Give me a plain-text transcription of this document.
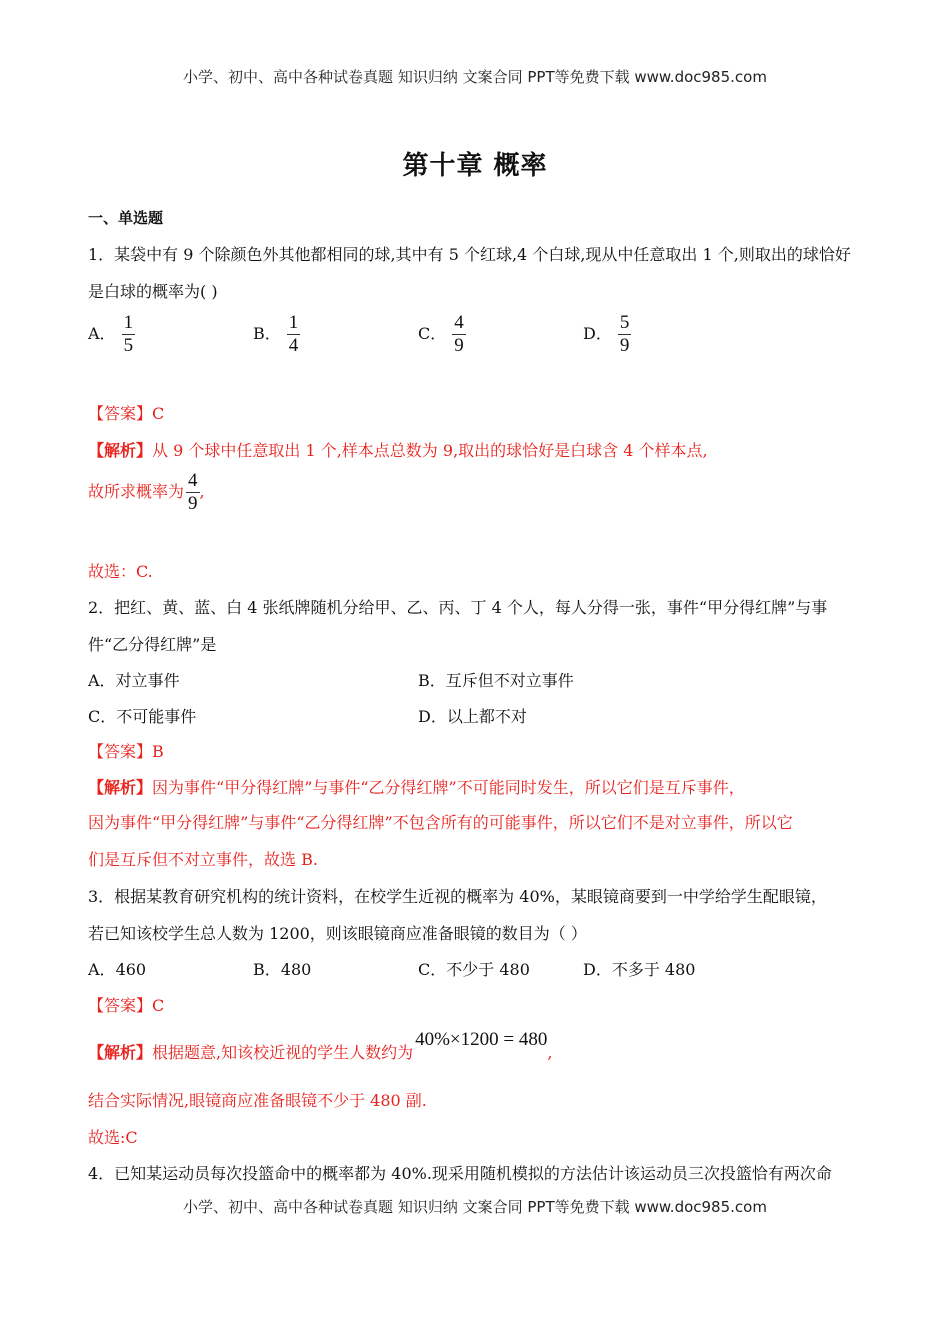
小学、初中、高中各种试卷真题 知识归纳 文案合同 PPT等免费下载 www.doc985.com
第十章 概率
一、单选题
1．某袋中有 9 个除颜色外其他都相同的球,其中有 5 个红球,4 个白球,现从中任意取出 1 个,则取出的球恰好
是白球的概率为( )
A． $\frac{1}{5}$	B． $\frac{1}{4}$	C． $\frac{4}{9}$	D． $\frac{5}{9}$
【答案】C
【解析】从 9 个球中任意取出 1 个,样本点总数为 9,取出的球恰好是白球含 4 个样本点,
故所求概率为 $\frac{4}{9}$ ,
故选：C.
2．把红、黄、蓝、白 4 张纸牌随机分给甲、乙、丙、丁 4 个人，每人分得一张，事件“甲分得红牌”与事
件“乙分得红牌”是
A．对立事件	B．互斥但不对立事件
C．不可能事件	D．以上都不对
【答案】B
【解析】因为事件“甲分得红牌”与事件“乙分得红牌”不可能同时发生，所以它们是互斥事件，
因为事件“甲分得红牌”与事件“乙分得红牌”不包含所有的可能事件，所以它们不是对立事件，所以它
们是互斥但不对立事件，故选 B.
3．根据某教育研究机构的统计资料，在校学生近视的概率为 40%，某眼镜商要到一中学给学生配眼镜，
若已知该校学生总人数为 1200，则该眼镜商应准备眼镜的数目为（ ）
A．460	B．480	C．不少于 480	D．不多于 480
【答案】C
【解析】根据题意,知该校近视的学生人数约为40%×1200 = 480,
结合实际情况,眼镜商应准备眼镜不少于 480 副.
故选:C
4．已知某运动员每次投篮命中的概率都为 40%.现采用随机模拟的方法估计该运动员三次投篮恰有两次命
小学、初中、高中各种试卷真题 知识归纳 文案合同 PPT等免费下载 www.doc985.com
